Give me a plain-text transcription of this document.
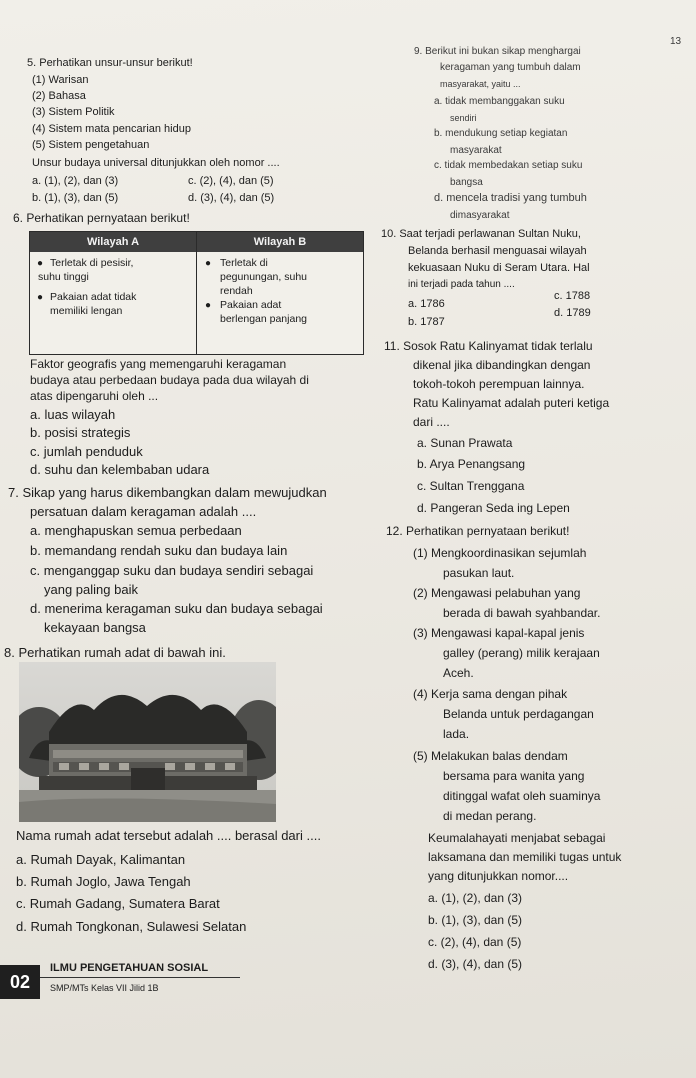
13
5. Perhatikan unsur-unsur berikut!
(1) Warisan
(2) Bahasa
(3) Sistem Politik
(4) Sistem mata pencarian hidup
(5) Sistem pengetahuan
Unsur budaya universal ditunjukkan oleh nomor ....
a. (1), (2), dan (3)
b. (1), (3), dan (5)
c. (2), (4), dan (5)
d. (3), (4), dan (5)
6. Perhatikan pernyataan berikut!
Wilayah A	Wilayah B
● Terletak di pesisir,
suhu tinggi
● Pakaian adat tidak
memiliki lengan
● Terletak di
pegunungan, suhu
rendah
● Pakaian adat
berlengan panjang
Faktor geografis yang memengaruhi keragaman
budaya atau perbedaan budaya pada dua wilayah di
atas dipengaruhi oleh ...
a. luas wilayah
b. posisi strategis
c. jumlah penduduk
d. suhu dan kelembaban udara
7. Sikap yang harus dikembangkan dalam mewujudkan
persatuan dalam keragaman adalah ....
a. menghapuskan semua perbedaan
b. memandang rendah suku dan budaya lain
c. menganggap suku dan budaya sendiri sebagai
yang paling baik
d. menerima keragaman suku dan budaya sebagai
kekayaan bangsa
8. Perhatikan rumah adat di bawah ini.
Nama rumah adat tersebut adalah .... berasal dari ....
a. Rumah Dayak, Kalimantan
b. Rumah Joglo, Jawa Tengah
c. Rumah Gadang, Sumatera Barat
d. Rumah Tongkonan, Sulawesi Selatan
ILMU PENGETAHUAN SOSIAL
02	SMP/MTs Kelas VII Jilid 1B
9. Berikut ini bukan sikap menghargai
keragaman yang tumbuh dalam
masyarakat, yaitu ...
a. tidak membanggakan suku
sendiri
b. mendukung setiap kegiatan
masyarakat
c. tidak membedakan setiap suku
bangsa
d. mencela tradisi yang tumbuh
dimasyarakat
10. Saat terjadi perlawanan Sultan Nuku,
Belanda berhasil menguasai wilayah
kekuasaan Nuku di Seram Utara. Hal
ini terjadi pada tahun ....
a. 1786
b. 1787
c. 1788
d. 1789
11. Sosok Ratu Kalinyamat tidak terlalu
dikenal jika dibandingkan dengan
tokoh-tokoh perempuan lainnya.
Ratu Kalinyamat adalah puteri ketiga
dari ....
a. Sunan Prawata
b. Arya Penangsang
c. Sultan Trenggana
d. Pangeran Seda ing Lepen
12. Perhatikan pernyataan berikut!
(1) Mengkoordinasikan sejumlah
pasukan laut.
(2) Mengawasi pelabuhan yang
berada di bawah syahbandar.
(3) Mengawasi kapal-kapal jenis
galley (perang) milik kerajaan
Aceh.
(4) Kerja sama dengan pihak
Belanda untuk perdagangan
lada.
(5) Melakukan balas dendam
bersama para wanita yang
ditinggal wafat oleh suaminya
di medan perang.
Keumalahayati menjabat sebagai
laksamana dan memiliki tugas untuk
yang ditunjukkan nomor....
a. (1), (2), dan (3)
b. (1), (3), dan (5)
c. (2), (4), dan (5)
d. (3), (4), dan (5)
